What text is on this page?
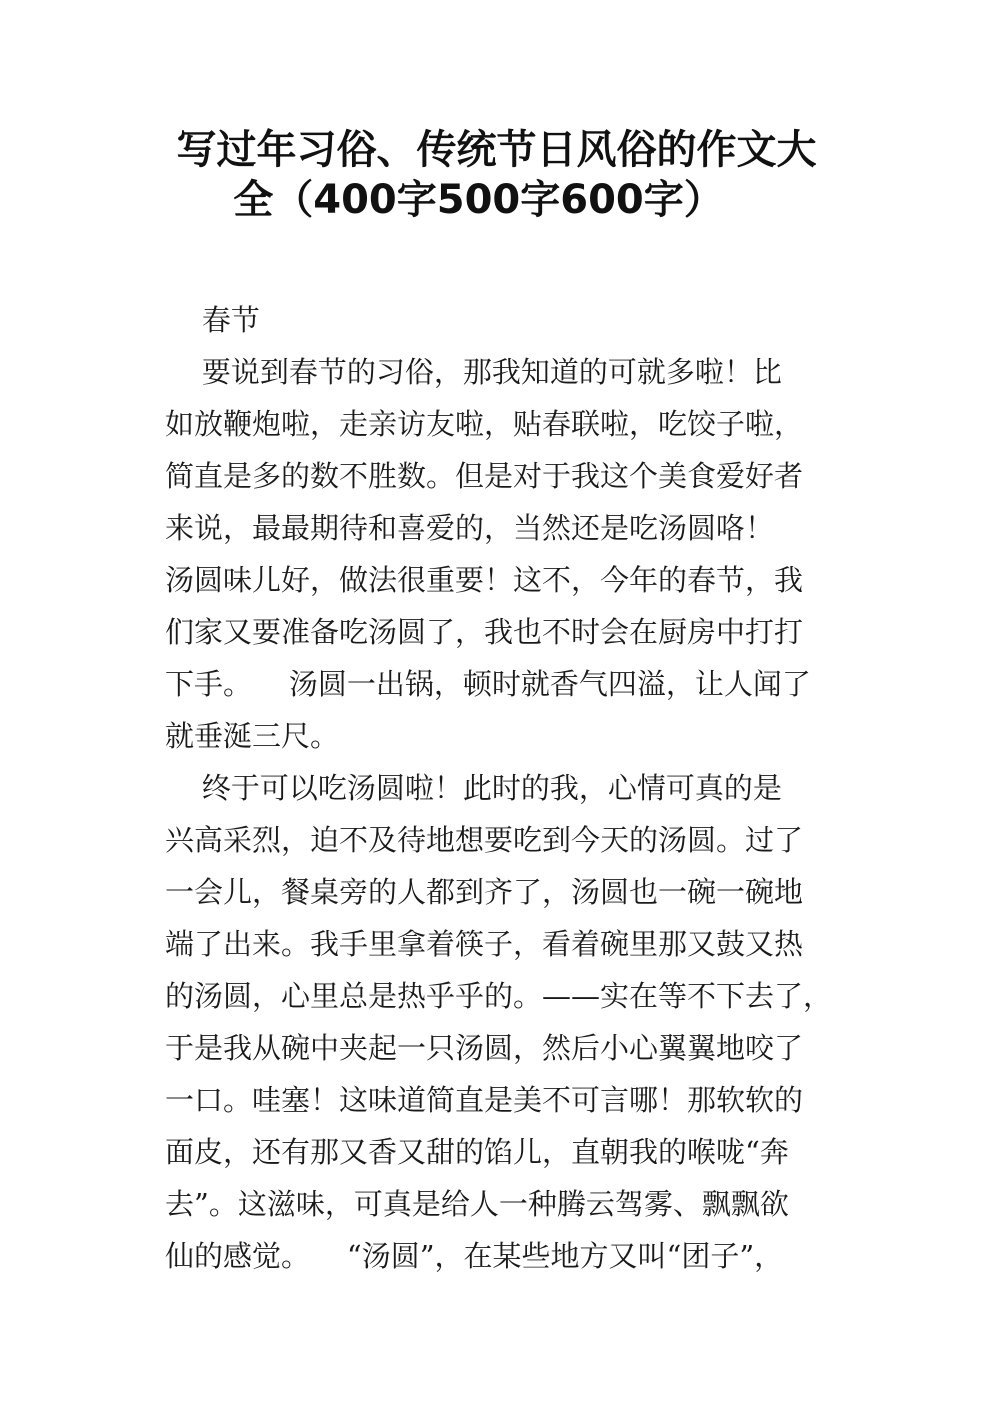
写过年习俗、传统节日风俗的作文大
全（400字500字600字）
春节
要说到春节的习俗，那我知道的可就多啦！比
如放鞭炮啦，走亲访友啦，贴春联啦，吃饺子啦，
简直是多的数不胜数。但是对于我这个美食爱好者
来说，最最期待和喜爱的，当然还是吃汤圆咯！
汤圆味儿好，做法很重要！这不，今年的春节，我
们家又要准备吃汤圆了，我也不时会在厨房中打打
下手。    汤圆一出锅，顿时就香气四溢，让人闻了
就垂涎三尺。
终于可以吃汤圆啦！此时的我，心情可真的是
兴高采烈，迫不及待地想要吃到今天的汤圆。过了
一会儿，餐桌旁的人都到齐了，汤圆也一碗一碗地
端了出来。我手里拿着筷子，看着碗里那又鼓又热
的汤圆，心里总是热乎乎的。——实在等不下去了，
于是我从碗中夹起一只汤圆，然后小心翼翼地咬了
一口。哇塞！这味道简直是美不可言哪！那软软的
面皮，还有那又香又甜的馅儿，直朝我的喉咙“奔
去”。这滋味，可真是给人一种腾云驾雾、飘飘欲
仙的感觉。    “汤圆”，在某些地方又叫“团子”，
